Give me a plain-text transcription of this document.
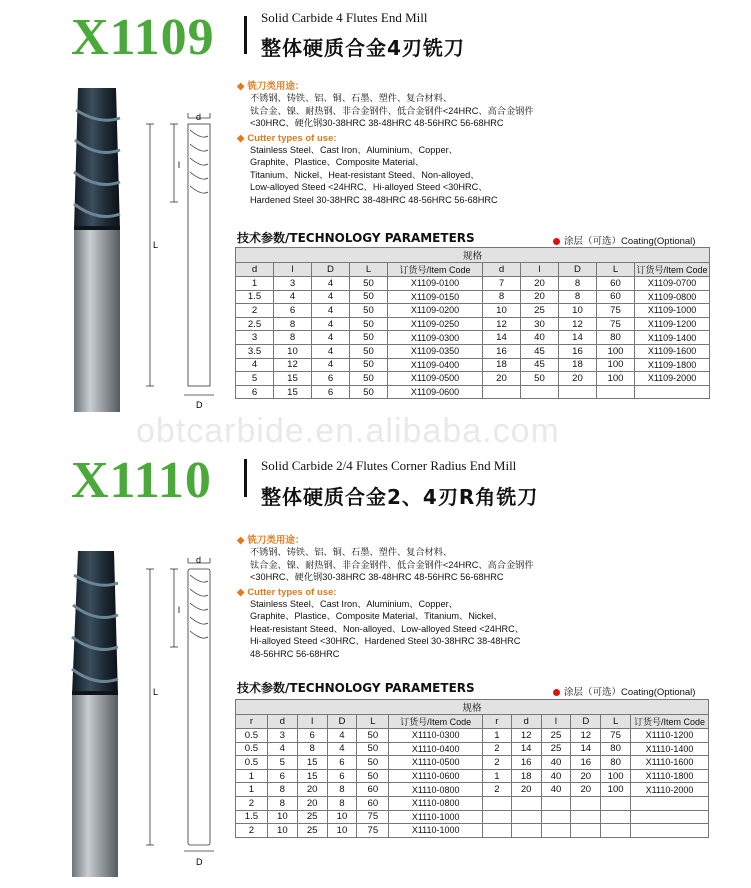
X1109	Solid Carbide 4 Flutes End Mill
整体硬质合金4刃铣刀
d
l
L
D
◆ 铣刀类用途：
不锈钢、铸铁、铝、铜、石墨、塑件、复合材料、
钛合金、镍、耐热钢、非合金钢件、低合金钢件<24HRC、高合金钢件
<30HRC、硬化钢30-38HRC 38-48HRC 48-56HRC 56-68HRC
◆ Cutter types of use:
Stainless Steel、Cast Iron、Aluminium、Copper、
Graphite、Plastice、Composite Material、
Titanium、Nickel、Heat-resistant Steed、Non-alloyed、
Low-alloyed Steed <24HRC、Hi-alloyed Steed <30HRC、
Hardened Steel 30-38HRC 38-48HRC 48-56HRC 56-68HRC
技术参数/TECHNOLOGY PARAMETERS	涂层（可选）Coating(Optional)
规格									
d	l	D	L	订货号/Item Code	d	l	D	L	订货号/Item Code
1	3	4	50	X1109-0100	7	20	8	60	X1109-0700
1.5	4	4	50	X1109-0150	8	20	8	60	X1109-0800
2	6	4	50	X1109-0200	10	25	10	75	X1109-1000
2.5	8	4	50	X1109-0250	12	30	12	75	X1109-1200
3	8	4	50	X1109-0300	14	40	14	80	X1109-1400
3.5	10	4	50	X1109-0350	16	45	16	100	X1109-1600
4	12	4	50	X1109-0400	18	45	18	100	X1109-1800
5	15	6	50	X1109-0500	20	50	20	100	X1109-2000
6	15	6	50	X1109-0600					
obtcarbide.en.alibaba.com
X1110	Solid Carbide 2/4 Flutes Corner Radius End Mill
整体硬质合金2、4刃R角铣刀
d
l
L
D
◆ 铣刀类用途：
不锈钢、铸铁、铝、铜、石墨、塑件、复合材料、
钛合金、镍、耐热钢、非合金钢件、低合金钢件<24HRC、高合金钢件
<30HRC、硬化钢30-38HRC 38-48HRC 48-56HRC 56-68HRC
◆ Cutter types of use:
Stainless Steel、Cast Iron、Aluminium、Copper、
Graphite、Plastice、Composite Material、Titanium、Nickel、
Heat-resistant Steed、Non-alloyed、Low-alloyed Steed <24HRC、
Hi-alloyed Steed <30HRC、Hardened Steel 30-38HRC 38-48HRC
48-56HRC 56-68HRC
技术参数/TECHNOLOGY PARAMETERS	涂层（可选）Coating(Optional)
规格											
r	d	l	D	L	订货号/Item Code	r	d	l	D	L	订货号/Item Code
0.5	3	6	4	50	X1110-0300	1	12	25	12	75	X1110-1200
0.5	4	8	4	50	X1110-0400	2	14	25	14	80	X1110-1400
0.5	5	15	6	50	X1110-0500	2	16	40	16	80	X1110-1600
1	6	15	6	50	X1110-0600	1	18	40	20	100	X1110-1800
1	8	20	8	60	X1110-0800	2	20	40	20	100	X1110-2000
2	8	20	8	60	X1110-0800						
1.5	10	25	10	75	X1110-1000						
2	10	25	10	75	X1110-1000						
